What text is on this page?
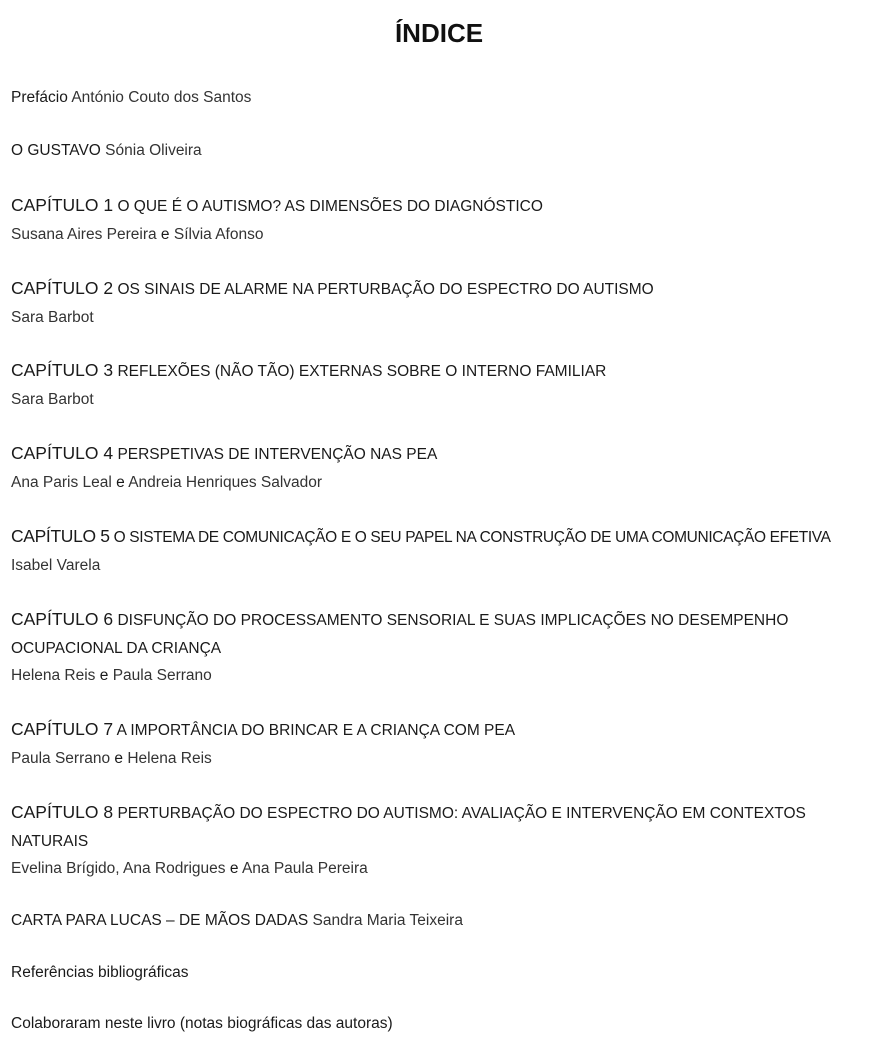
ÍNDICE
Prefácio António Couto dos Santos
O GUSTAVO Sónia Oliveira
CAPÍTULO 1 O QUE É O AUTISMO? AS DIMENSÕES DO DIAGNÓSTICO
Susana Aires Pereira e Sílvia Afonso
CAPÍTULO 2 OS SINAIS DE ALARME NA PERTURBAÇÃO DO ESPECTRO DO AUTISMO
Sara Barbot
CAPÍTULO 3 REFLEXÕES (NÃO TÃO) EXTERNAS SOBRE O INTERNO FAMILIAR
Sara Barbot
CAPÍTULO 4 PERSPETIVAS DE INTERVENÇÃO NAS PEA
Ana Paris Leal e Andreia Henriques Salvador
CAPÍTULO 5 O SISTEMA DE COMUNICAÇÃO E O SEU PAPEL NA CONSTRUÇÃO DE UMA COMUNICAÇÃO EFETIVA
Isabel Varela
CAPÍTULO 6 DISFUNÇÃO DO PROCESSAMENTO SENSORIAL E SUAS IMPLICAÇÕES NO DESEMPENHO
OCUPACIONAL DA CRIANÇA
Helena Reis e Paula Serrano
CAPÍTULO 7 A IMPORTÂNCIA DO BRINCAR E A CRIANÇA COM PEA
Paula Serrano e Helena Reis
CAPÍTULO 8 PERTURBAÇÃO DO ESPECTRO DO AUTISMO: AVALIAÇÃO E INTERVENÇÃO EM CONTEXTOS
NATURAIS
Evelina Brígido, Ana Rodrigues e Ana Paula Pereira
CARTA PARA LUCAS – DE MÃOS DADAS Sandra Maria Teixeira
Referências bibliográficas
Colaboraram neste livro (notas biográficas das autoras)
